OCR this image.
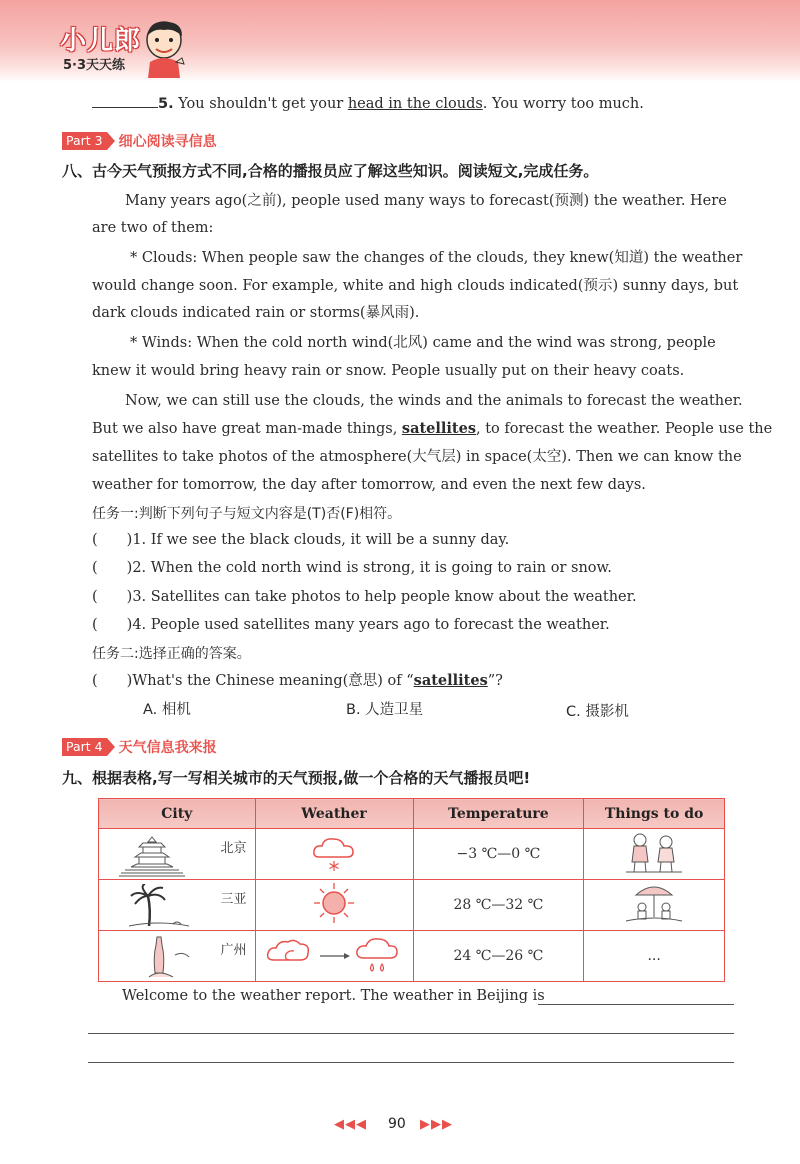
小儿郎
5·3天天练
5. You shouldn't get your head in the clouds. You worry too much.
Part 3 细心阅读寻信息
八、古今天气预报方式不同,合格的播报员应了解这些知识。阅读短文,完成任务。
Many years ago(之前), people used many ways to forecast(预测) the weather. Here
are two of them:
* Clouds: When people saw the changes of the clouds, they knew(知道) the weather
would change soon. For example, white and high clouds indicated(预示) sunny days, but
dark clouds indicated rain or storms(暴风雨).
* Winds: When the cold north wind(北风) came and the wind was strong, people
knew it would bring heavy rain or snow. People usually put on their heavy coats.
Now, we can still use the clouds, the winds and the animals to forecast the weather.
But we also have great man-made things, satellites, to forecast the weather. People use the
satellites to take photos of the atmosphere(大气层) in space(太空). Then we can know the
weather for tomorrow, the day after tomorrow, and even the next few days.
任务一:判断下列句子与短文内容是(T)否(F)相符。
(　　)1. If we see the black clouds, it will be a sunny day.
(　　)2. When the cold north wind is strong, it is going to rain or snow.
(　　)3. Satellites can take photos to help people know about the weather.
(　　)4. People used satellites many years ago to forecast the weather.
任务二:选择正确的答案。
(　　)What's the Chinese meaning(意思) of “satellites”?
A. 相机	B. 人造卫星	C. 摄影机
Part 4 天气信息我来报
九、根据表格,写一写相关城市的天气预报,做一个合格的天气播报员吧!
City	Weather	Temperature	Things to do

北京		−3 ℃—0 ℃	

三亚		28 ℃—32 ℃	

广州		24 ℃—26 ℃	...
Welcome to the weather report. The weather in Beijing is
◀◀◀ 90 ▶▶▶
